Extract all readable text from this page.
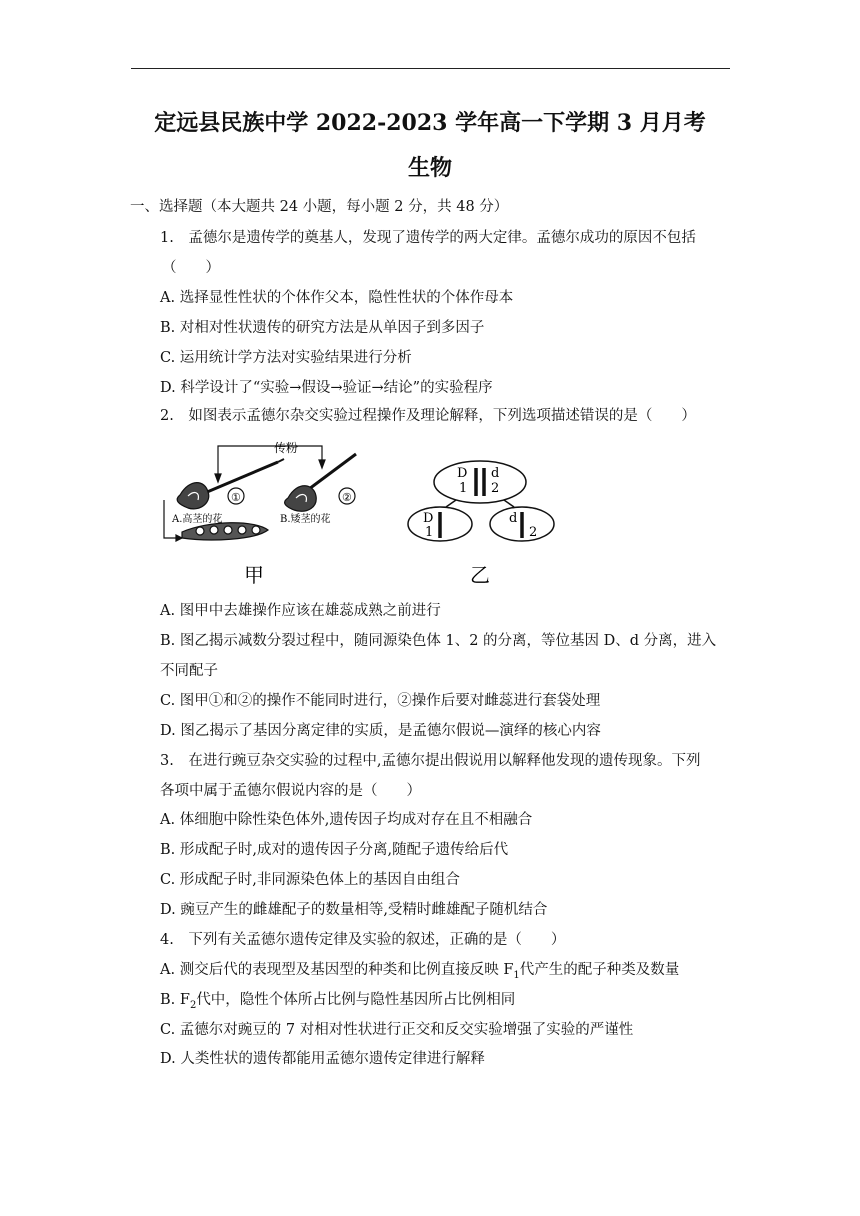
定远县民族中学 2022-2023 学年高一下学期 3 月月考
生物
一、选择题（本大题共 24 小题，每小题 2 分，共 48 分）
1.　孟德尔是遗传学的奠基人，发现了遗传学的两大定律。孟德尔成功的原因不包括
（　　）
A. 选择显性性状的个体作父本，隐性性状的个体作母本
B. 对相对性状遗传的研究方法是从单因子到多因子
C. 运用统计学方法对实验结果进行分析
D. 科学设计了“实验→假设→验证→结论”的实验程序
2.　如图表示孟德尔杂交实验过程操作及理论解释，下列选项描述错误的是（　　）
传粉
①	②
A.高茎的花	B.矮茎的花
甲
D
1
d
2
D
1
d
2
乙
A. 图甲中去雄操作应该在雄蕊成熟之前进行
B. 图乙揭示减数分裂过程中，随同源染色体 1、2 的分离，等位基因 D、d 分离，进入
不同配子
C. 图甲①和②的操作不能同时进行，②操作后要对雌蕊进行套袋处理
D. 图乙揭示了基因分离定律的实质，是孟德尔假说—演绎的核心内容
3.　在进行豌豆杂交实验的过程中,孟德尔提出假说用以解释他发现的遗传现象。下列
各项中属于孟德尔假说内容的是（　　）
A. 体细胞中除性染色体外,遗传因子均成对存在且不相融合
B. 形成配子时,成对的遗传因子分离,随配子遗传给后代
C. 形成配子时,非同源染色体上的基因自由组合
D. 豌豆产生的雌雄配子的数量相等,受精时雌雄配子随机结合
4.　下列有关孟德尔遗传定律及实验的叙述，正确的是（　　）
A. 测交后代的表现型及基因型的种类和比例直接反映 $F_1$代产生的配子种类及数量
B. $F_2$代中，隐性个体所占比例与隐性基因所占比例相同
C. 孟德尔对豌豆的 7 对相对性状进行正交和反交实验增强了实验的严谨性
D. 人类性状的遗传都能用孟德尔遗传定律进行解释
